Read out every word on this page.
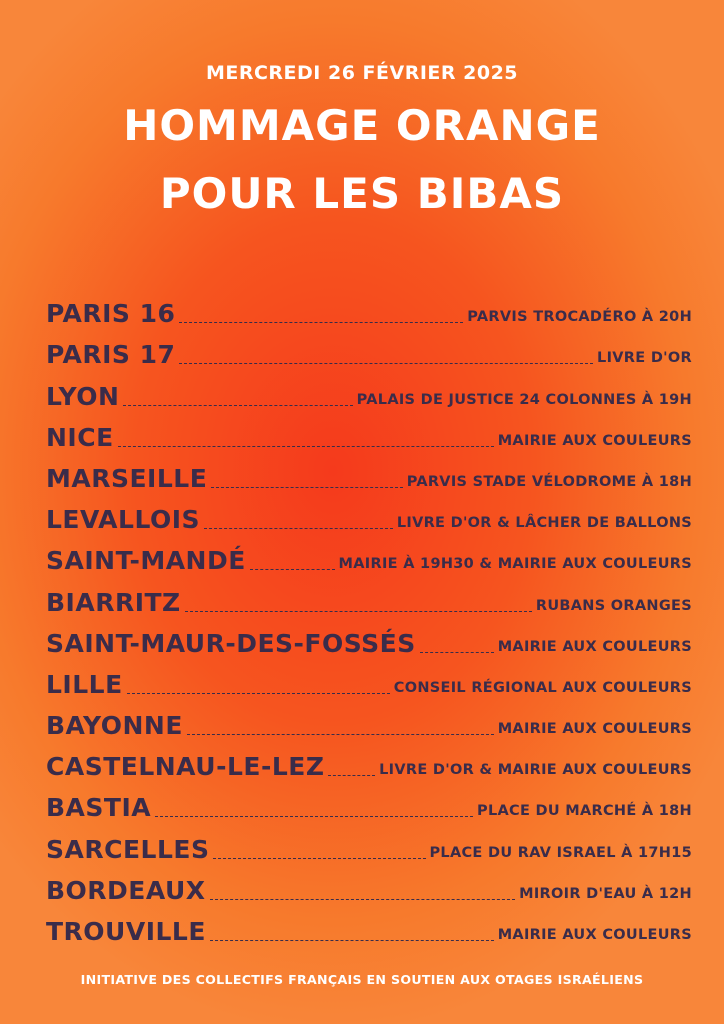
MERCREDI 26 FÉVRIER 2025
HOMMAGE ORANGE
POUR LES BIBAS
PARIS 16	PARVIS TROCADÉRO À 20H
PARIS 17	LIVRE D'OR
LYON	PALAIS DE JUSTICE 24 COLONNES À 19H
NICE	MAIRIE AUX COULEURS
MARSEILLE	PARVIS STADE VÉLODROME À 18H
LEVALLOIS	LIVRE D'OR & LÂCHER DE BALLONS
SAINT-MANDÉ	MAIRIE À 19H30 & MAIRIE AUX COULEURS
BIARRITZ	RUBANS ORANGES
SAINT-MAUR-DES-FOSSÉS	MAIRIE AUX COULEURS
LILLE	CONSEIL RÉGIONAL AUX COULEURS
BAYONNE	MAIRIE AUX COULEURS
CASTELNAU-LE-LEZ	LIVRE D'OR & MAIRIE AUX COULEURS
BASTIA	PLACE DU MARCHÉ À 18H
SARCELLES	PLACE DU RAV ISRAEL À 17H15
BORDEAUX	MIROIR D'EAU À 12H
TROUVILLE	MAIRIE AUX COULEURS
INITIATIVE DES COLLECTIFS FRANÇAIS EN SOUTIEN AUX OTAGES ISRAÉLIENS
